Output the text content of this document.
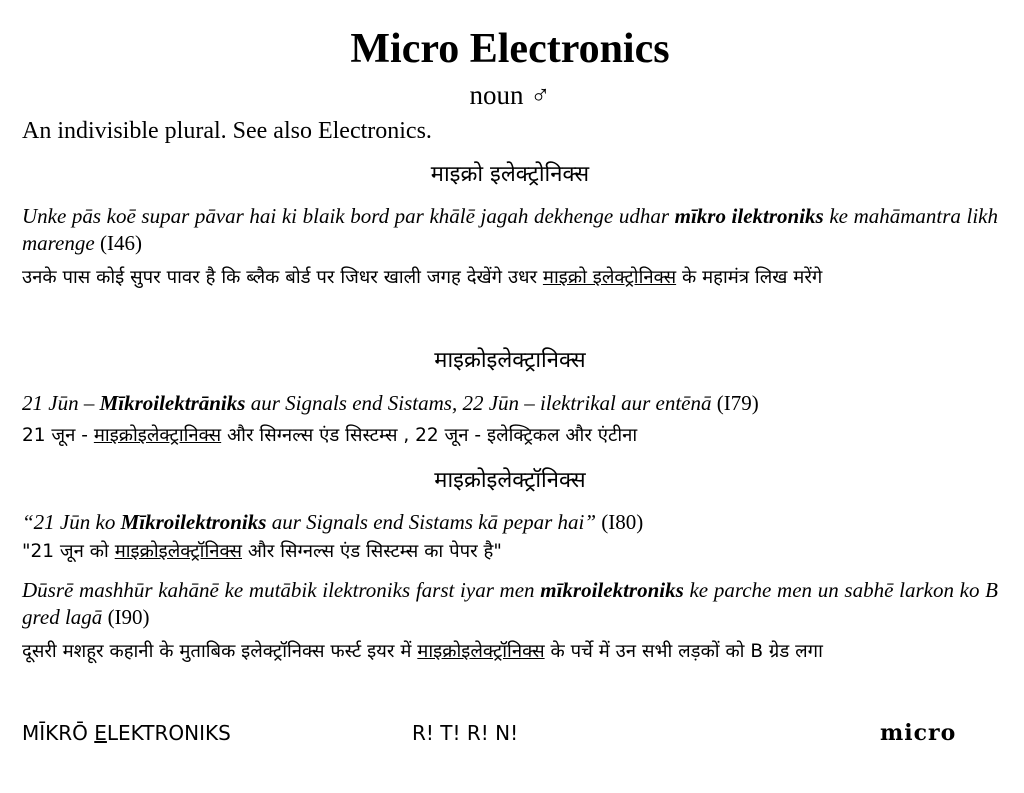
Micro Electronics
noun ♂
An indivisible plural. See also Electronics.
माइक्रो इलेक्ट्रोनिक्स
Unke pās koē supar pāvar hai ki blaik bord par khālē jagah dekhenge udhar mīkro ilektroniks ke mahāmantra likh marenge (I46)
उनके पास कोई सुपर पावर है कि ब्लैक बोर्ड पर जिधर खाली जगह देखेंगे उधर माइक्रो इलेक्ट्रोनिक्स के महामंत्र लिख मरेंगे
माइक्रोइलेक्ट्रानिक्स
21 Jūn – Mīkroilektrāniks aur Signals end Sistams, 22 Jūn – ilektrikal aur entēnā (I79)
21 जून - माइक्रोइलेक्ट्रानिक्स और सिग्नल्स एंड सिस्टम्स , 22 जून - इलेक्ट्रिकल और एंटीना
माइक्रोइलेक्ट्रॉनिक्स
“21 Jūn ko Mīkroilektroniks aur Signals end Sistams kā pepar hai” (I80)
"21 जून को माइक्रोइलेक्ट्रॉनिक्स और सिग्नल्स एंड सिस्टम्स का पेपर है"
Dūsrē mashhūr kahānē ke mutābik ilektroniks farst iyar men mīkroilektroniks ke parche men un sabhē larkon ko B gred lagā (I90)
दूसरी मशहूर कहानी के मुताबिक इलेक्ट्रॉनिक्स फर्स्ट इयर में माइक्रोइलेक्ट्रॉनिक्स के पर्चे में उन सभी लड़कों को B ग्रेड लगा
MĪKRŌ ELEKTRONIKS	R! T! R! N!	micro
